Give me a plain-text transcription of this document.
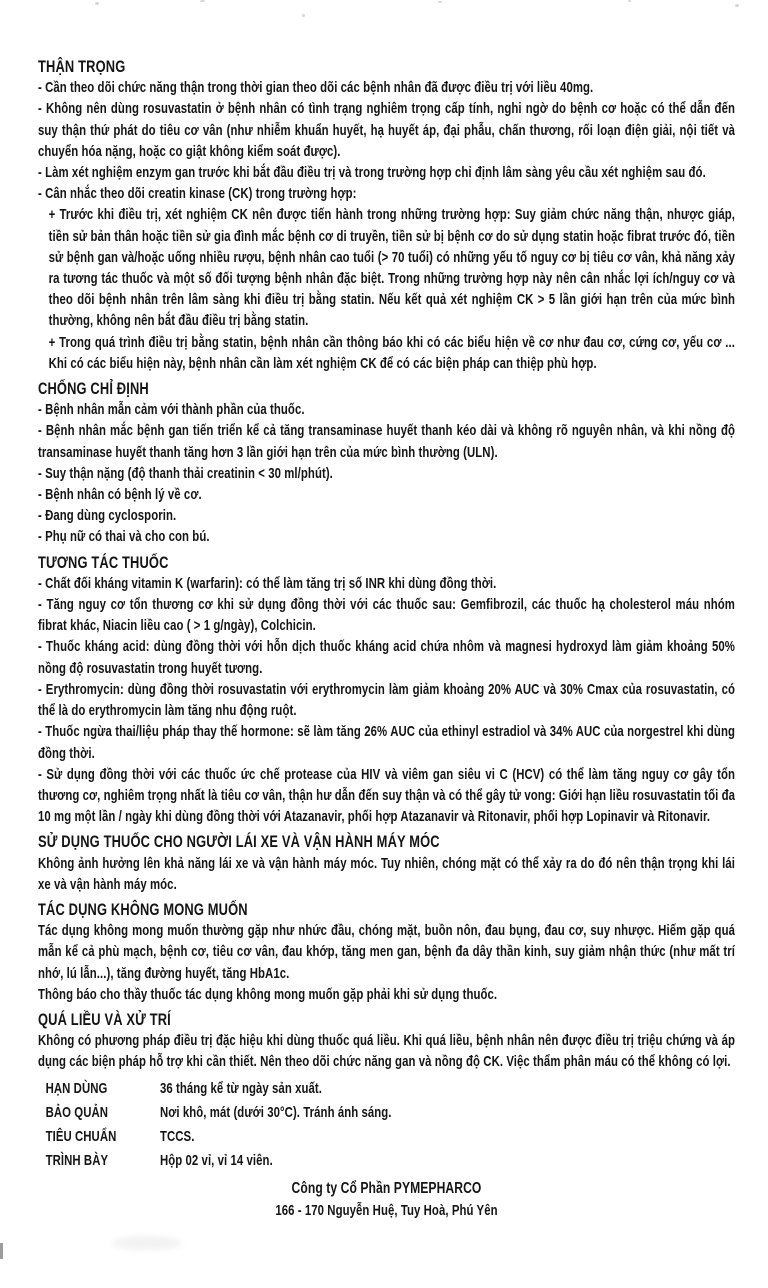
THẬN TRỌNG

- Cần theo dõi chức năng thận trong thời gian theo dõi các bệnh nhân đã được điều trị với liều 40mg.

- Không nên dùng rosuvastatin ở bệnh nhân có tình trạng nghiêm trọng cấp tính, nghi ngờ do bệnh cơ hoặc có thể dẫn đến suy thận thứ phát do tiêu cơ vân (như nhiễm khuẩn huyết, hạ huyết áp, đại phẫu, chấn thương, rối loạn điện giải, nội tiết và chuyển hóa nặng, hoặc co giật không kiểm soát được).

- Làm xét nghiệm enzym gan trước khi bắt đầu điều trị và trong trường hợp chỉ định lâm sàng yêu cầu xét nghiệm sau đó.

- Cân nhắc theo dõi creatin kinase (CK) trong trường hợp:

+ Trước khi điều trị, xét nghiệm CK nên được tiến hành trong những trường hợp: Suy giảm chức năng thận, nhược giáp, tiền sử bản thân hoặc tiền sử gia đình mắc bệnh cơ di truyền, tiền sử bị bệnh cơ do sử dụng statin hoặc fibrat trước đó, tiền sử bệnh gan và/hoặc uống nhiều rượu, bệnh nhân cao tuổi (> 70 tuổi) có những yếu tố nguy cơ bị tiêu cơ vân, khả năng xảy ra tương tác thuốc và một số đối tượng bệnh nhân đặc biệt. Trong những trường hợp này nên cân nhắc lợi ích/nguy cơ và theo dõi bệnh nhân trên lâm sàng khi điều trị bằng statin. Nếu kết quả xét nghiệm CK > 5 lần giới hạn trên của mức bình thường, không nên bắt đầu điều trị bằng statin.

+ Trong quá trình điều trị bằng statin, bệnh nhân cần thông báo khi có các biểu hiện về cơ như đau cơ, cứng cơ, yếu cơ ... Khi có các biểu hiện này, bệnh nhân cần làm xét nghiệm CK để có các biện pháp can thiệp phù hợp.

CHỐNG CHỈ ĐỊNH

- Bệnh nhân mẫn cảm với thành phần của thuốc.

- Bệnh nhân mắc bệnh gan tiến triển kể cả tăng transaminase huyết thanh kéo dài và không rõ nguyên nhân, và khi nồng độ transaminase huyết thanh tăng hơn 3 lần giới hạn trên của mức bình thường (ULN).

- Suy thận nặng (độ thanh thải creatinin < 30 ml/phút).

- Bệnh nhân có bệnh lý về cơ.

- Đang dùng cyclosporin.

- Phụ nữ có thai và cho con bú.

TƯƠNG TÁC THUỐC

- Chất đối kháng vitamin K (warfarin): có thể làm tăng trị số INR khi dùng đồng thời.

- Tăng nguy cơ tổn thương cơ khi sử dụng đồng thời với các thuốc sau: Gemfibrozil, các thuốc hạ cholesterol máu nhóm fibrat khác, Niacin liều cao ( > 1 g/ngày), Colchicin.

- Thuốc kháng acid: dùng đồng thời với hỗn dịch thuốc kháng acid chứa nhôm và magnesi hydroxyd làm giảm khoảng 50% nồng độ rosuvastatin trong huyết tương.

- Erythromycin: dùng đồng thời rosuvastatin với erythromycin làm giảm khoảng 20% AUC và 30% Cmax của rosuvastatin, có thể là do erythromycin làm tăng nhu động ruột.

- Thuốc ngừa thai/liệu pháp thay thế hormone: sẽ làm tăng 26% AUC của ethinyl estradiol và 34% AUC của norgestrel khi dùng đồng thời.

- Sử dụng đồng thời với các thuốc ức chế protease của HIV và viêm gan siêu vi C (HCV) có thể làm tăng nguy cơ gây tổn thương cơ, nghiêm trọng nhất là tiêu cơ vân, thận hư dẫn đến suy thận và có thể gây tử vong: Giới hạn liều rosuvastatin tối đa 10 mg một lần / ngày khi dùng đồng thời với Atazanavir, phối hợp Atazanavir và Ritonavir, phối hợp Lopinavir và Ritonavir.

SỬ DỤNG THUỐC CHO NGƯỜI LÁI XE VÀ VẬN HÀNH MÁY MÓC

Không ảnh hưởng lên khả năng lái xe và vận hành máy móc. Tuy nhiên, chóng mặt có thể xảy ra do đó nên thận trọng khi lái xe và vận hành máy móc.

TÁC DỤNG KHÔNG MONG MUỐN

Tác dụng không mong muốn thường gặp như nhức đầu, chóng mặt, buồn nôn, đau bụng, đau cơ, suy nhược. Hiếm gặp quá mẫn kể cả phù mạch, bệnh cơ, tiêu cơ vân, đau khớp, tăng men gan, bệnh đa dây thần kinh, suy giảm nhận thức (như mất trí nhớ, lú lẫn...), tăng đường huyết, tăng HbA1c.

Thông báo cho thầy thuốc tác dụng không mong muốn gặp phải khi sử dụng thuốc.

QUÁ LIỀU VÀ XỬ TRÍ

Không có phương pháp điều trị đặc hiệu khi dùng thuốc quá liều. Khi quá liều, bệnh nhân nên được điều trị triệu chứng và áp dụng các biện pháp hỗ trợ khi cần thiết. Nên theo dõi chức năng gan và nồng độ CK. Việc thẩm phân máu có thể không có lợi.

HẠN DÙNG	36 tháng kể từ ngày sản xuất.
BẢO QUẢN	Nơi khô, mát (dưới 30°C). Tránh ánh sáng.
TIÊU CHUẨN	TCCS.
TRÌNH BÀY	Hộp 02 vỉ, vỉ 14 viên.
Công ty Cổ Phần PYMEPHARCO
166 - 170 Nguyễn Huệ, Tuy Hoà, Phú Yên
